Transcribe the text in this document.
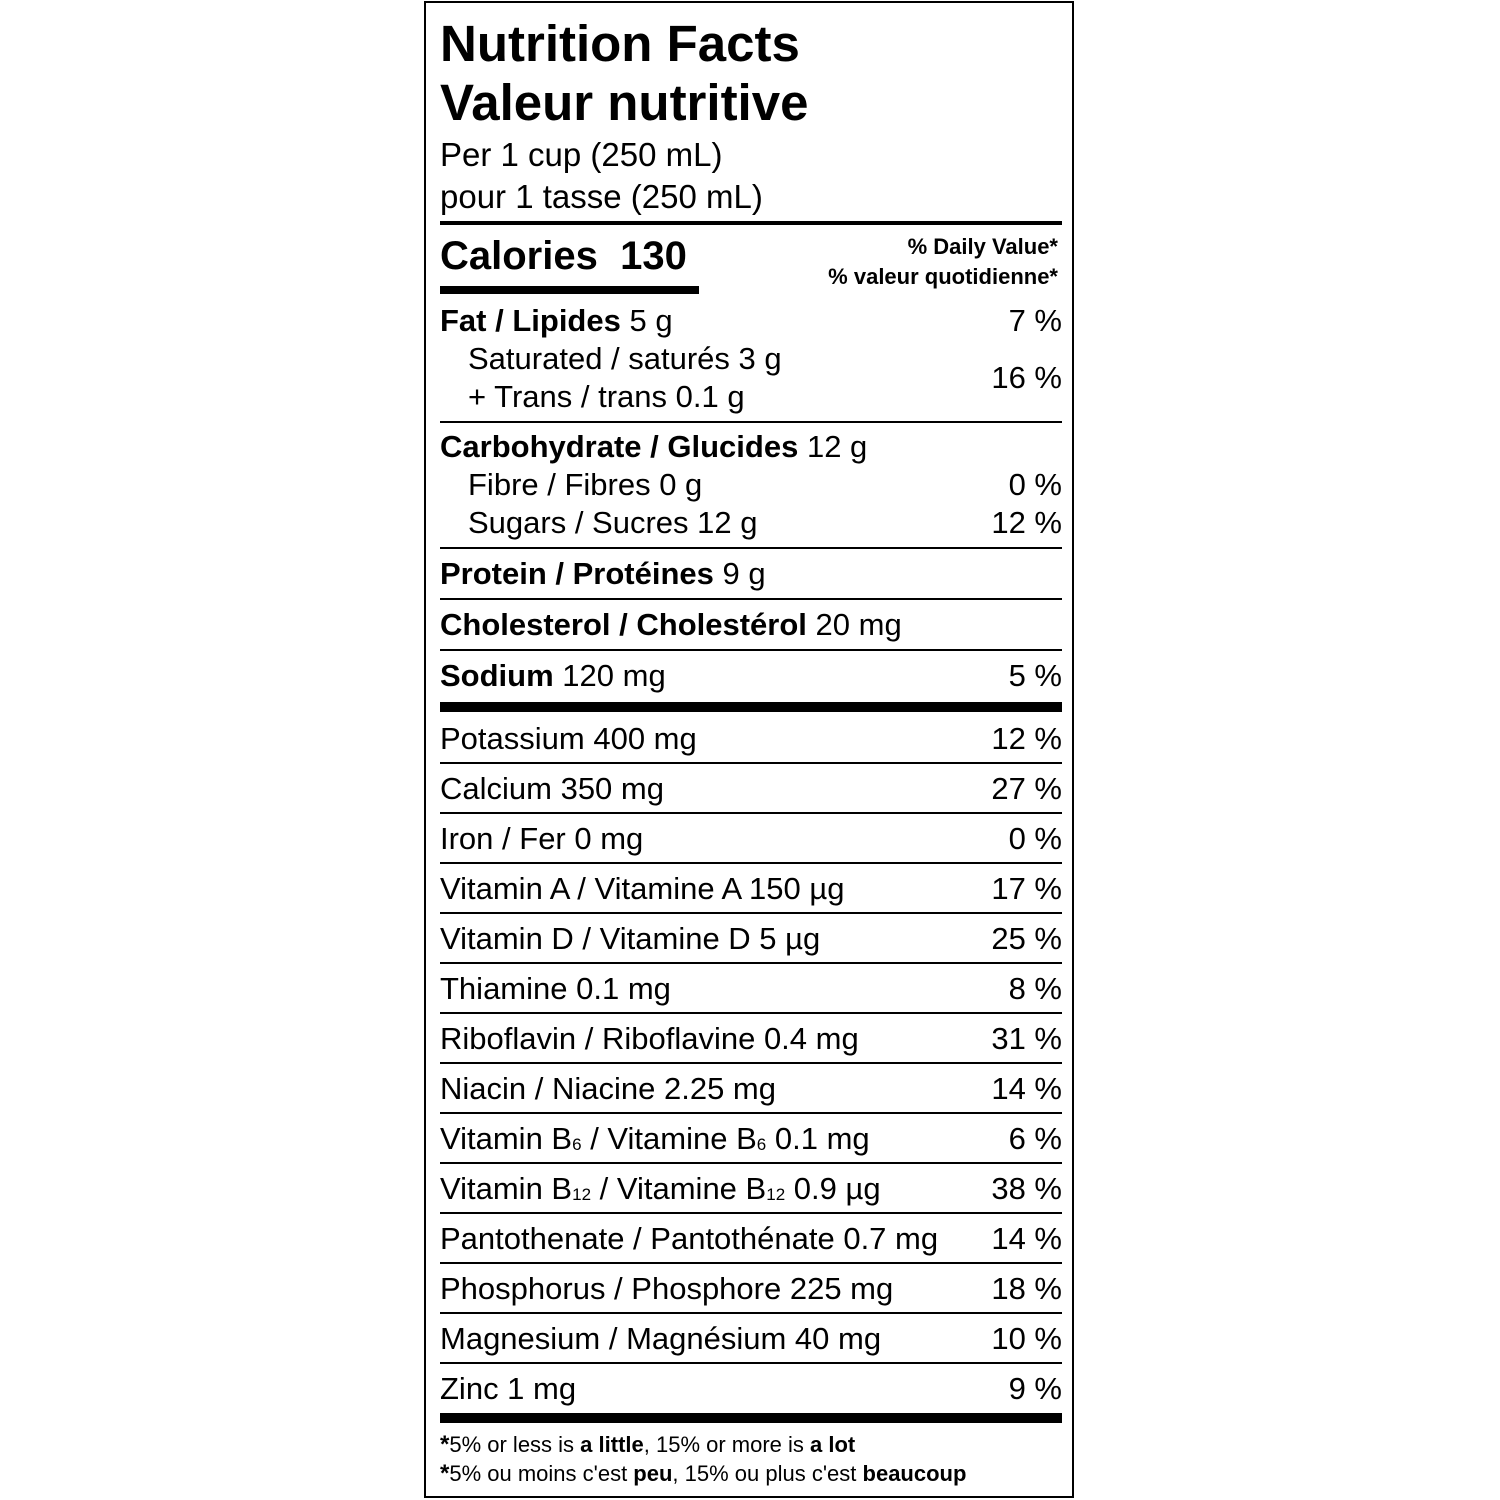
Nutrition Facts
Valeur nutritive
Per 1 cup (250 mL)
pour 1 tasse (250 mL)
Calories 130	% Daily Value*
% valeur quotidienne*
Fat / Lipides 5 g	7 %
Saturated / saturés 3 g
+ Trans / trans 0.1 g
16 %
Carbohydrate / Glucides 12 g
Fibre / Fibres 0 g	0 %
Sugars / Sucres 12 g	12 %
Protein / Protéines 9 g
Cholesterol / Cholestérol 20 mg
Sodium 120 mg	5 %
Potassium 400 mg	12 %
Calcium 350 mg	27 %
Iron / Fer 0 mg	0 %
Vitamin A / Vitamine A 150 µg	17 %
Vitamin D / Vitamine D 5 µg	25 %
Thiamine 0.1 mg	8 %
Riboflavin / Riboflavine 0.4 mg	31 %
Niacin / Niacine 2.25 mg	14 %
Vitamin $B_6$ / Vitamine $B_6$ 0.1 mg	6 %
Vitamin $B_{12}$ / Vitamine $B_{12}$ 0.9 µg	38 %
Pantothenate / Pantothénate 0.7 mg 14 %
Phosphorus / Phosphore 225 mg	18 %
Magnesium / Magnésium 40 mg	10 %
Zinc 1 mg	9 %
*5% or less is a little, 15% or more is a lot
*5% ou moins c'est peu, 15% ou plus c'est beaucoup
